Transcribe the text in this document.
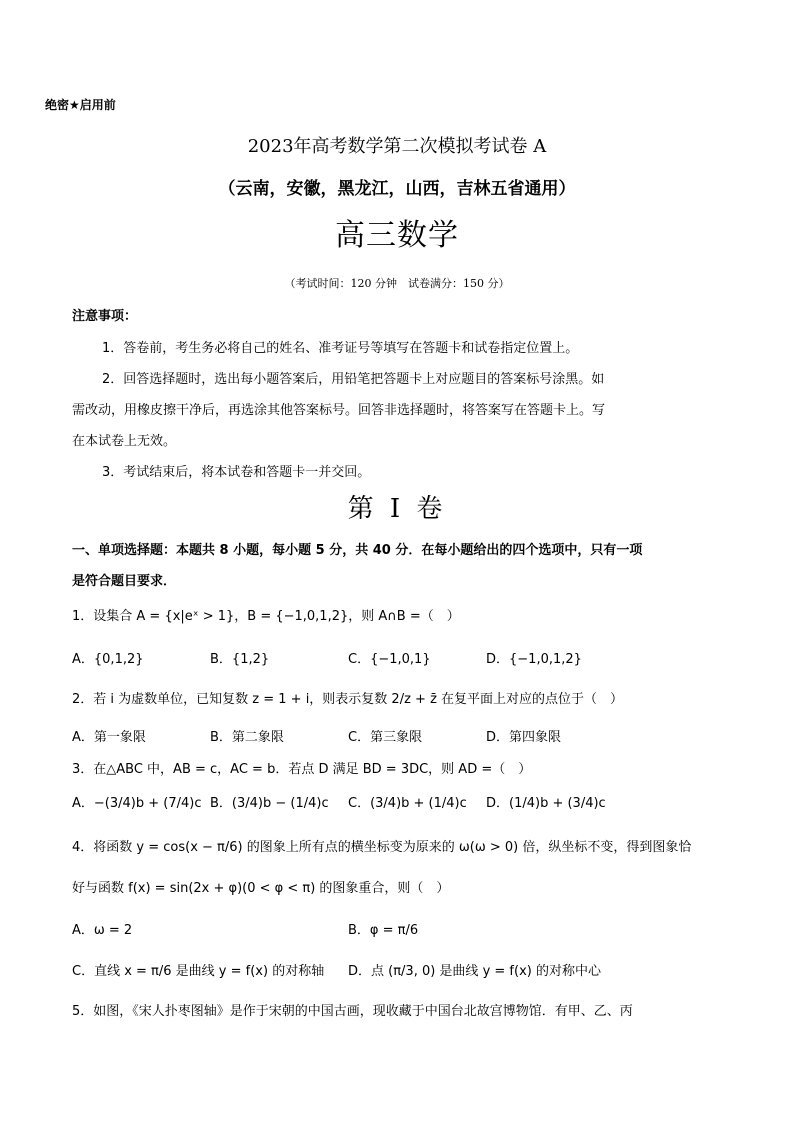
绝密★启用前
2023年高考数学第二次模拟考试卷 A
（云南，安徽，黑龙江，山西，吉林五省通用）
高三数学
（考试时间：120 分钟　试卷满分：150 分）
注意事项：
1．答卷前，考生务必将自己的姓名、准考证号等填写在答题卡和试卷指定位置上。
2．回答选择题时，选出每小题答案后，用铅笔把答题卡上对应题目的答案标号涂黑。如
需改动，用橡皮擦干净后，再选涂其他答案标号。回答非选择题时，将答案写在答题卡上。写
在本试卷上无效。
3．考试结束后，将本试卷和答题卡一并交回。
第 I 卷
一、单项选择题：本题共 8 小题，每小题 5 分，共 40 分．在每小题给出的四个选项中，只有一项
是符合题目要求．
1．设集合 A = {x|eˣ > 1}，B = {−1,0,1,2}，则 A∩B =（　）
A．{0,1,2}	B．{1,2}	C．{−1,0,1}	D．{−1,0,1,2}
2．若 i 为虚数单位，已知复数 z = 1 + i，则表示复数 2/z + z̄ 在复平面上对应的点位于（　）
A．第一象限	B．第二象限	C．第三象限	D．第四象限
3．在△ABC 中，AB = c，AC = b．若点 D 满足 BD = 3DC，则 AD =（　）
A．−(3/4)b + (7/4)c B．(3/4)b − (1/4)c C．(3/4)b + (1/4)c D．(1/4)b + (3/4)c
4．将函数 y = cos(x − π/6) 的图象上所有点的横坐标变为原来的 ω(ω > 0) 倍，纵坐标不变，得到图象恰
好与函数 f(x) = sin(2x + φ)(0 < φ < π) 的图象重合，则（　）
A．ω = 2	B．φ = π/6
C．直线 x = π/6 是曲线 y = f(x) 的对称轴 D．点 (π/3, 0) 是曲线 y = f(x) 的对称中心
5．如图，《宋人扑枣图轴》是作于宋朝的中国古画，现收藏于中国台北故宫博物馆．有甲、乙、丙
